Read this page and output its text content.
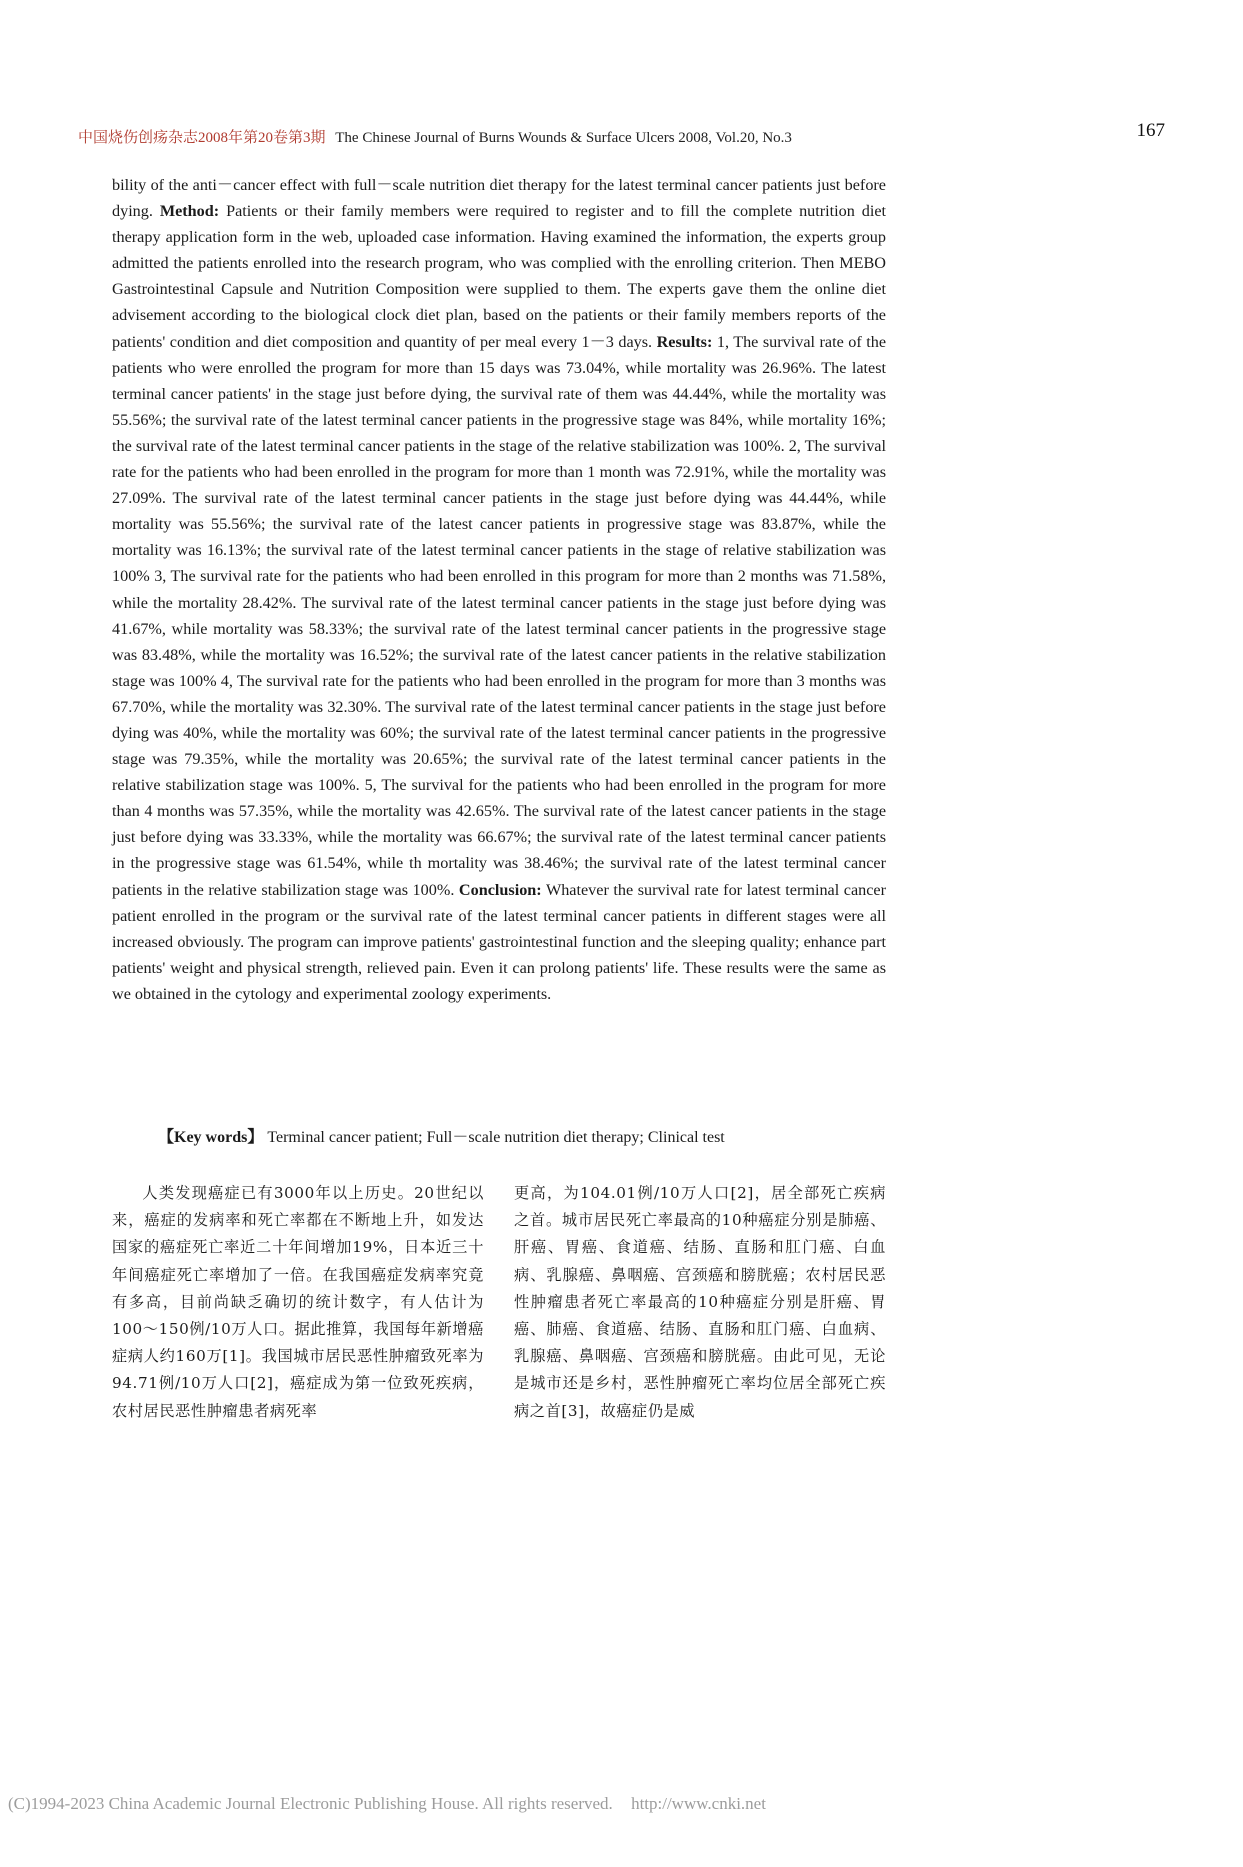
中国烧伤创疡杂志2008年第20卷第3期 The Chinese Journal of Burns Wounds & Surface Ulcers 2008, Vol.20, No.3	167

bility of the anti－cancer effect with full－scale nutrition diet therapy for the latest terminal cancer patients just before dying. Method: Patients or their family members were required to register and to fill the complete nutrition diet therapy application form in the web, uploaded case information. Having examined the information, the experts group admitted the patients enrolled into the research program, who was complied with the enrolling criterion. Then MEBO Gastrointestinal Capsule and Nutrition Composition were supplied to them. The experts gave them the online diet advisement according to the biological clock diet plan, based on the patients or their family members reports of the patients' condition and diet composition and quantity of per meal every 1－3 days. Results: 1, The survival rate of the patients who were enrolled the program for more than 15 days was 73.04%, while mortality was 26.96%. The latest terminal cancer patients' in the stage just before dying, the survival rate of them was 44.44%, while the mortality was 55.56%; the survival rate of the latest terminal cancer patients in the progressive stage was 84%, while mortality 16%; the survival rate of the latest terminal cancer patients in the stage of the relative stabilization was 100%. 2, The survival rate for the patients who had been enrolled in the program for more than 1 month was 72.91%, while the mortality was 27.09%. The survival rate of the latest terminal cancer patients in the stage just before dying was 44.44%, while mortality was 55.56%; the survival rate of the latest cancer patients in progressive stage was 83.87%, while the mortality was 16.13%; the survival rate of the latest terminal cancer patients in the stage of relative stabilization was 100% 3, The survival rate for the patients who had been enrolled in this program for more than 2 months was 71.58%, while the mortality 28.42%. The survival rate of the latest terminal cancer patients in the stage just before dying was 41.67%, while mortality was 58.33%; the survival rate of the latest terminal cancer patients in the progressive stage was 83.48%, while the mortality was 16.52%; the survival rate of the latest cancer patients in the relative stabilization stage was 100% 4, The survival rate for the patients who had been enrolled in the program for more than 3 months was 67.70%, while the mortality was 32.30%. The survival rate of the latest terminal cancer patients in the stage just before dying was 40%, while the mortality was 60%; the survival rate of the latest terminal cancer patients in the progressive stage was 79.35%, while the mortality was 20.65%; the survival rate of the latest terminal cancer patients in the relative stabilization stage was 100%. 5, The survival for the patients who had been enrolled in the program for more than 4 months was 57.35%, while the mortality was 42.65%. The survival rate of the latest cancer patients in the stage just before dying was 33.33%, while the mortality was 66.67%; the survival rate of the latest terminal cancer patients in the progressive stage was 61.54%, while th mortality was 38.46%; the survival rate of the latest terminal cancer patients in the relative stabilization stage was 100%. Conclusion: Whatever the survival rate for latest terminal cancer patient enrolled in the program or the survival rate of the latest terminal cancer patients in different stages were all increased obviously. The program can improve patients' gastrointestinal function and the sleeping quality; enhance part patients' weight and physical strength, relieved pain. Even it can prolong patients' life. These results were the same as we obtained in the cytology and experimental zoology experiments.

【Key words】 Terminal cancer patient; Full－scale nutrition diet therapy; Clinical test

人类发现癌症已有3000年以上历史。20世纪以来，癌症的发病率和死亡率都在不断地上升，如发达国家的癌症死亡率近二十年间增加19%，日本近三十年间癌症死亡率增加了一倍。在我国癌症发病率究竟有多高，目前尚缺乏确切的统计数字，有人估计为100～150例/10万人口。据此推算，我国每年新增癌症病人约160万[1]。我国城市居民恶性肿瘤致死率为94.71例/10万人口[2]，癌症成为第一位致死疾病，农村居民恶性肿瘤患者病死率

更高，为104.01例/10万人口[2]，居全部死亡疾病之首。城市居民死亡率最高的10种癌症分别是肺癌、肝癌、胃癌、食道癌、结肠、直肠和肛门癌、白血病、乳腺癌、鼻咽癌、宫颈癌和膀胱癌；农村居民恶性肿瘤患者死亡率最高的10种癌症分别是肝癌、胃癌、肺癌、食道癌、结肠、直肠和肛门癌、白血病、乳腺癌、鼻咽癌、宫颈癌和膀胱癌。由此可见，无论是城市还是乡村，恶性肿瘤死亡率均位居全部死亡疾病之首[3]，故癌症仍是威

(C)1994-2023 China Academic Journal Electronic Publishing House. All rights reserved. http://www.cnki.net
